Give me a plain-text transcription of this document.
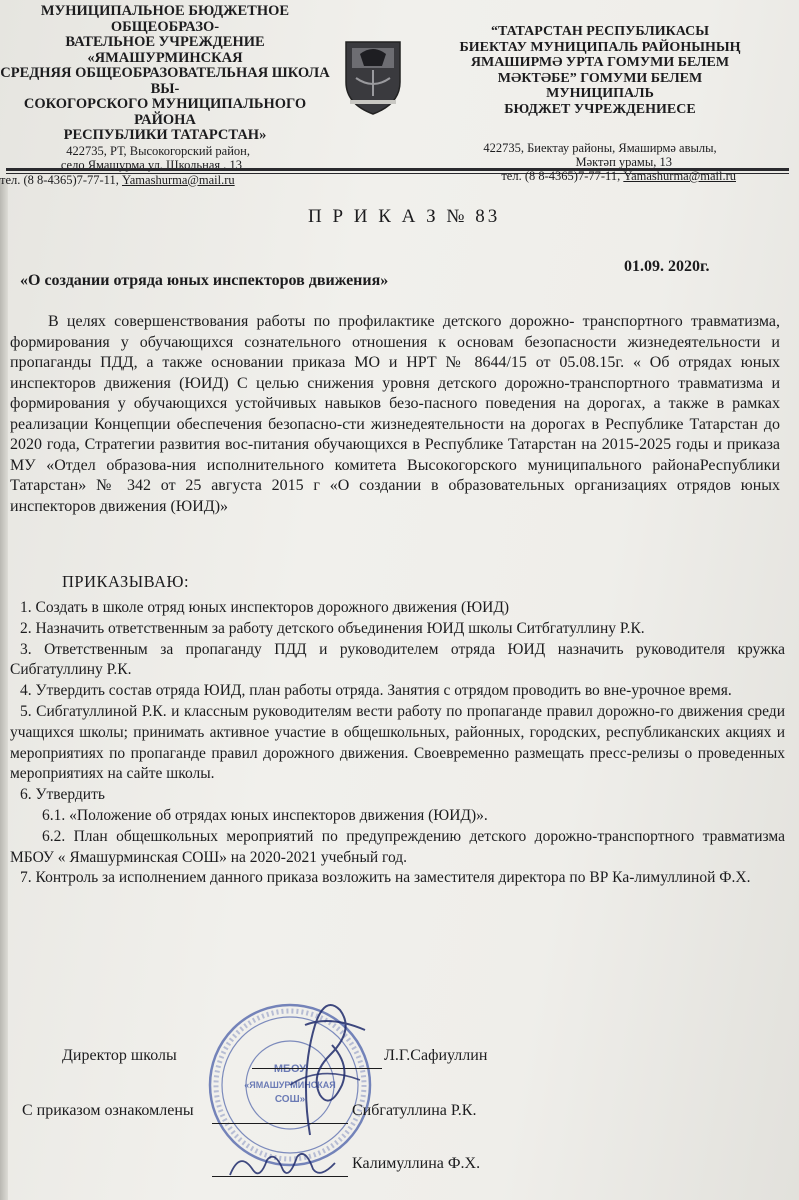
МУНИЦИПАЛЬНОЕ БЮДЖЕТНОЕ ОБЩЕОБРАЗО-
ВАТЕЛЬНОЕ УЧРЕЖДЕНИЕ «ЯМАШУРМИНСКАЯ
СРЕДНЯЯ ОБЩЕОБРАЗОВАТЕЛЬНАЯ ШКОЛА ВЫ-
СОКОГОРСКОГО МУНИЦИПАЛЬНОГО РАЙОНА
РЕСПУБЛИКИ ТАТАРСТАН»
422735, РТ, Высокогорский район,
село Ямашурма ул. Школьная , 13
тел. (8 8-4365)7-77-11, Yamashurma@mail.ru
“ТАТАРСТАН РЕСПУБЛИКАСЫ
БИЕКТАУ МУНИЦИПАЛЬ РАЙОНЫНЫҢ
ЯМАШИРМӘ УРТА ГОМУМИ БЕЛЕМ
МӘКТӘБЕ” ГОМУМИ БЕЛЕМ МУНИЦИПАЛЬ
БЮДЖЕТ УЧРЕЖДЕНИЕСЕ
422735, Биектау районы, Ямаширмә авылы,
Мәктәп урамы, 13
тел. (8 8-4365)7-77-11, Yamashurma@mail.ru
П Р И К А З № 83
01.09. 2020г.
«О создании отряда юных инспекторов движения»
В целях совершенствования работы по профилактике детского дорожно- транспортного травматизма, формирования у обучающихся сознательного отношения к основам безопасности жизнедеятельности и пропаганды ПДД, а также основании приказа МО и НРТ № 8644/15 от 05.08.15г. « Об отрядах юных инспекторов движения (ЮИД) С целью снижения уровня детского дорожно-транспортного травматизма и формирования у обучающихся устойчивых навыков безо-пасного поведения на дорогах, а также в рамках реализации Концепции обеспечения безопасно-сти жизнедеятельности на дорогах в Республике Татарстан до 2020 года, Стратегии развития вос-питания обучающихся в Республике Татарстан на 2015-2025 годы и приказа МУ «Отдел образова-ния исполнительного комитета Высокогорского муниципального районаРеспублики Татарстан» № 342 от 25 августа 2015 г «О создании в образовательных организациях отрядов юных инспекторов движения (ЮИД)»
ПРИКАЗЫВАЮ:

1. Создать в школе отряд юных инспекторов дорожного движения (ЮИД)

2. Назначить ответственным за работу детского объединения ЮИД школы Ситбгатуллину Р.К.

3. Ответственным за пропаганду ПДД и руководителем отряда ЮИД назначить руководителя кружка Сибгатуллину Р.К.

4. Утвердить состав отряда ЮИД, план работы отряда. Занятия с отрядом проводить во вне-урочное время.

5. Сибгатуллиной Р.К. и классным руководителям вести работу по пропаганде правил дорожно-го движения среди учащихся школы; принимать активное участие в общешкольных, районных, городских, республиканских акциях и мероприятиях по пропаганде правил дорожного движения. Своевременно размещать пресс-релизы о проведенных мероприятиях на сайте школы.

6. Утвердить

6.1. «Положение об отрядах юных инспекторов движения (ЮИД)».

6.2. План общешкольных мероприятий по предупреждению детского дорожно-транспортного травматизма МБОУ « Ямашурминская СОШ» на 2020-2021 учебный год.

7. Контроль за исполнением данного приказа возложить на заместителя директора по ВР Ка-лимуллиной Ф.Х.

МБОУ
«ЯМАШУРМИНСКАЯ
СОШ»
Директор школы	Л.Г.Сафиуллин
С приказом ознакомлены	Сибгатуллина Р.К.
Калимуллина Ф.Х.
